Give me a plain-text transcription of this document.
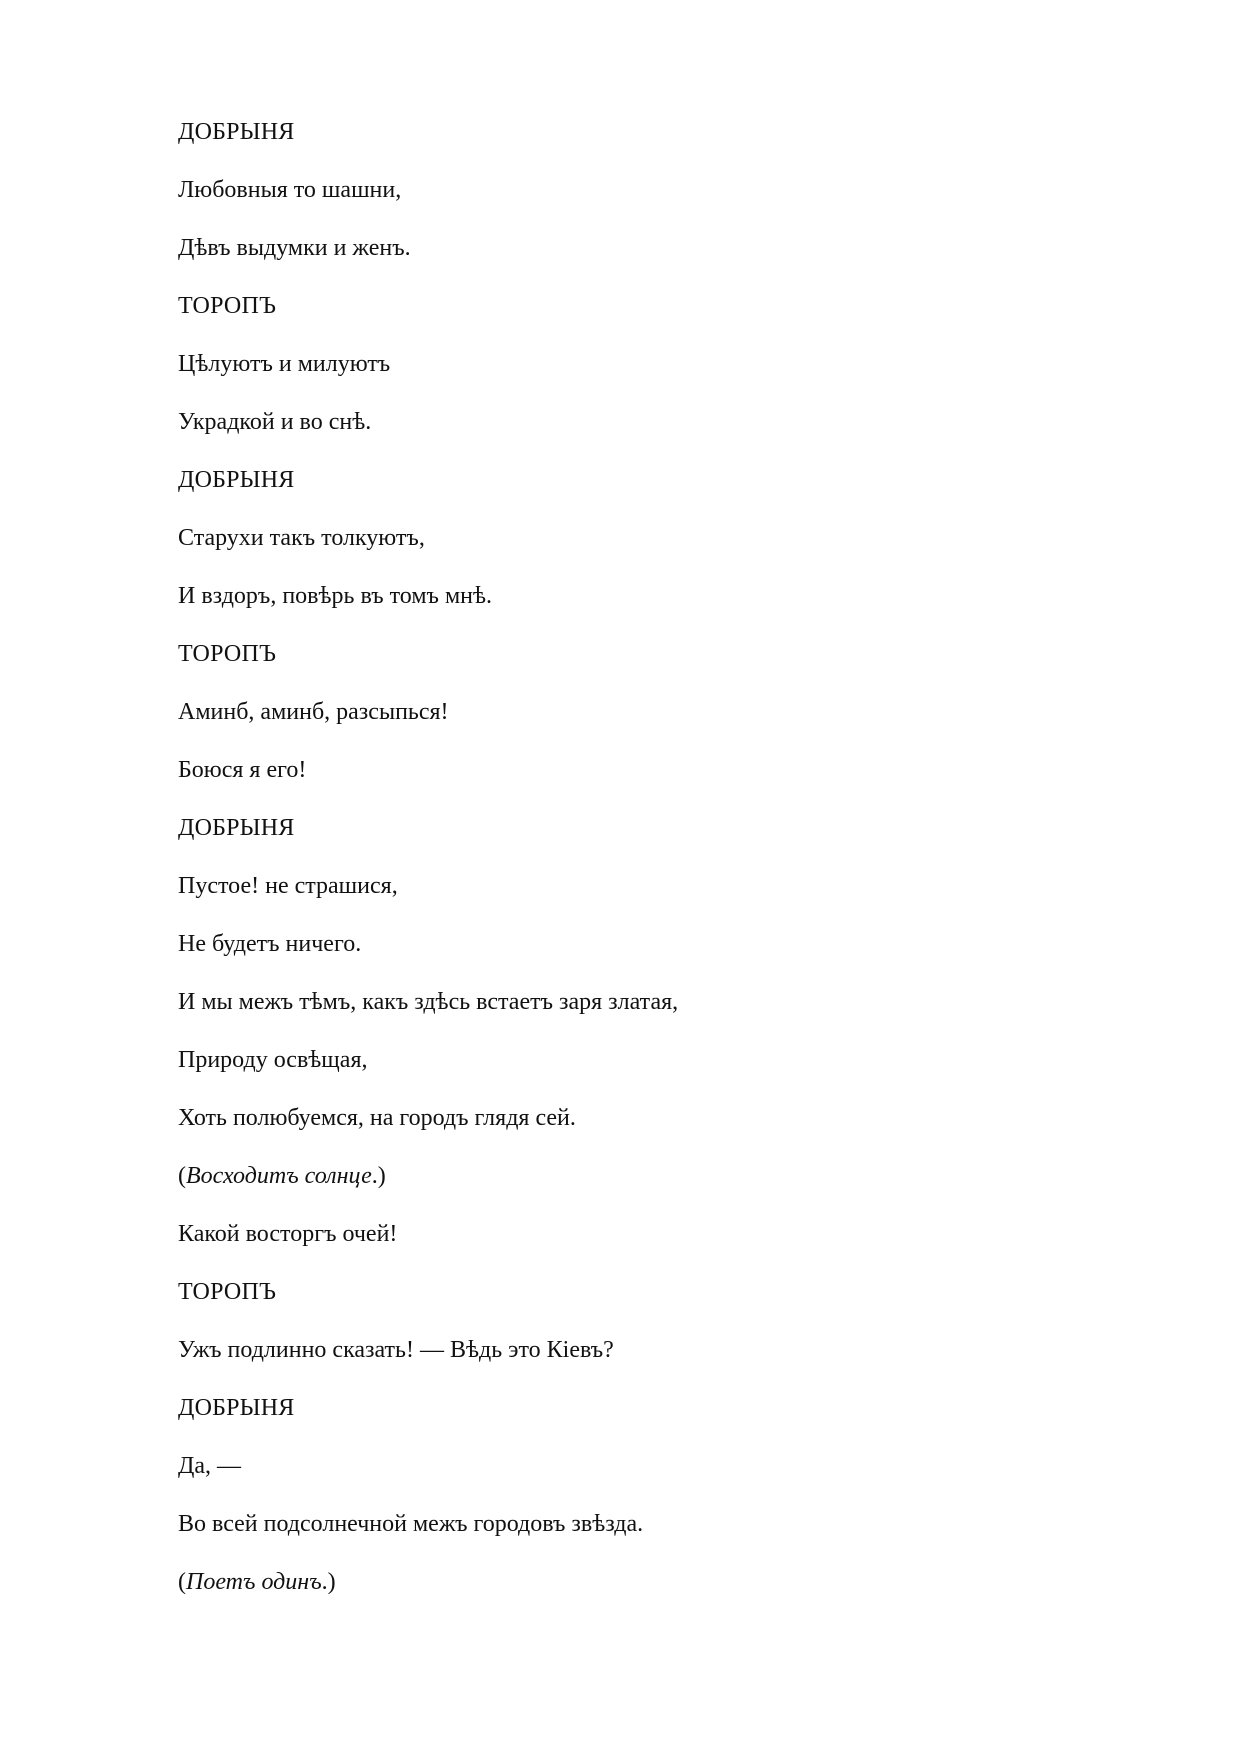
ДОБРЫНЯ
Любовныя то шашни,
Дѣвъ выдумки и женъ.
ТОРОПЪ
Цѣлуютъ и милуютъ
Украдкой и во снѣ.
ДОБРЫНЯ
Старухи такъ толкуютъ,
И вздоръ, повѣрь въ томъ мнѣ.
ТОРОПЪ
Аминб, аминб, разсыпься!
Боюся я его!
ДОБРЫНЯ
Пустое! не страшися,
Не будетъ ничего.
И мы межъ тѣмъ, какъ здѣсь встаетъ заря златая,
Природу освѣщая,
Хоть полюбуемся, на городъ глядя сей.
(Восходитъ солнце.)
Какой восторгъ очей!
ТОРОПЪ
Ужъ подлинно сказать! — Вѣдь это Кіевъ?
ДОБРЫНЯ
Да, —
Во всей подсолнечной межъ городовъ звѣзда.
(Поетъ одинъ.)
